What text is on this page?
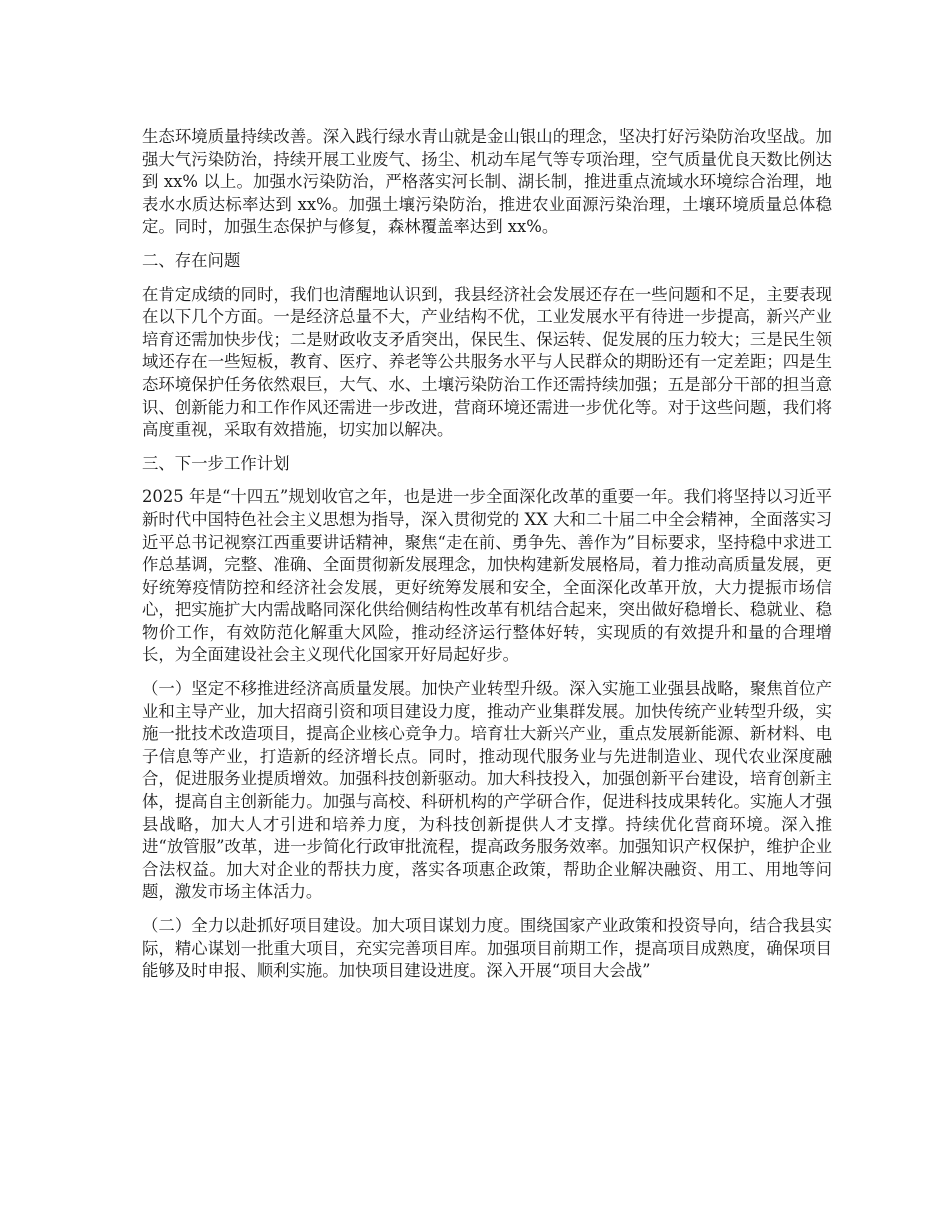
生态环境质量持续改善。深入践行绿水青山就是金山银山的理念，坚决打好污染防治攻坚战。加强大气污染防治，持续开展工业废气、扬尘、机动车尾气等专项治理，空气质量优良天数比例达到 xx% 以上。加强水污染防治，严格落实河长制、湖长制，推进重点流域水环境综合治理，地表水水质达标率达到 xx%。加强土壤污染防治，推进农业面源污染治理，土壤环境质量总体稳定。同时，加强生态保护与修复，森林覆盖率达到 xx%。

二、存在问题

在肯定成绩的同时，我们也清醒地认识到，我县经济社会发展还存在一些问题和不足，主要表现在以下几个方面。一是经济总量不大，产业结构不优，工业发展水平有待进一步提高，新兴产业培育还需加快步伐；二是财政收支矛盾突出，保民生、保运转、促发展的压力较大；三是民生领域还存在一些短板，教育、医疗、养老等公共服务水平与人民群众的期盼还有一定差距；四是生态环境保护任务依然艰巨，大气、水、土壤污染防治工作还需持续加强；五是部分干部的担当意识、创新能力和工作作风还需进一步改进，营商环境还需进一步优化等。对于这些问题，我们将高度重视，采取有效措施，切实加以解决。

三、下一步工作计划

2025 年是“十四五”规划收官之年，也是进一步全面深化改革的重要一年。我们将坚持以习近平新时代中国特色社会主义思想为指导，深入贯彻党的 XX 大和二十届二中全会精神，全面落实习近平总书记视察江西重要讲话精神，聚焦“走在前、勇争先、善作为”目标要求，坚持稳中求进工作总基调，完整、准确、全面贯彻新发展理念，加快构建新发展格局，着力推动高质量发展，更好统筹疫情防控和经济社会发展，更好统筹发展和安全，全面深化改革开放，大力提振市场信心，把实施扩大内需战略同深化供给侧结构性改革有机结合起来，突出做好稳增长、稳就业、稳物价工作，有效防范化解重大风险，推动经济运行整体好转，实现质的有效提升和量的合理增长，为全面建设社会主义现代化国家开好局起好步。

（一）坚定不移推进经济高质量发展。加快产业转型升级。深入实施工业强县战略，聚焦首位产业和主导产业，加大招商引资和项目建设力度，推动产业集群发展。加快传统产业转型升级，实施一批技术改造项目，提高企业核心竞争力。培育壮大新兴产业，重点发展新能源、新材料、电子信息等产业，打造新的经济增长点。同时，推动现代服务业与先进制造业、现代农业深度融合，促进服务业提质增效。加强科技创新驱动。加大科技投入，加强创新平台建设，培育创新主体，提高自主创新能力。加强与高校、科研机构的产学研合作，促进科技成果转化。实施人才强县战略，加大人才引进和培养力度，为科技创新提供人才支撑。持续优化营商环境。深入推进“放管服”改革，进一步简化行政审批流程，提高政务服务效率。加强知识产权保护，维护企业合法权益。加大对企业的帮扶力度，落实各项惠企政策，帮助企业解决融资、用工、用地等问题，激发市场主体活力。

（二）全力以赴抓好项目建设。加大项目谋划力度。围绕国家产业政策和投资导向，结合我县实际，精心谋划一批重大项目，充实完善项目库。加强项目前期工作，提高项目成熟度，确保项目能够及时申报、顺利实施。加快项目建设进度。深入开展“项目大会战”
